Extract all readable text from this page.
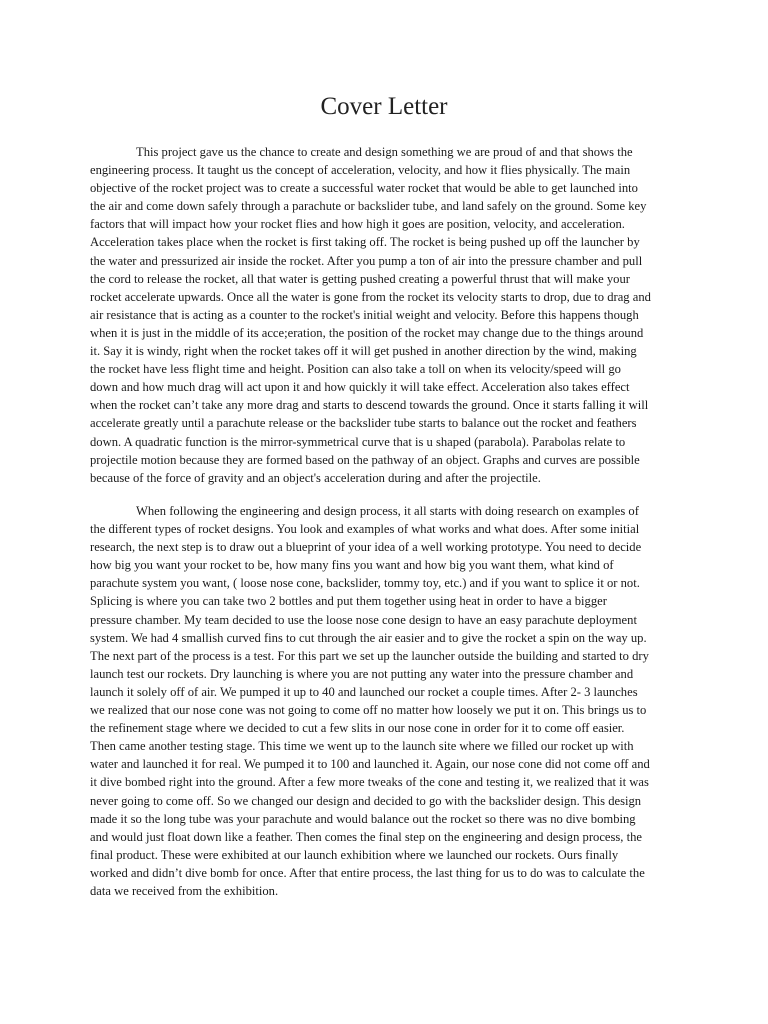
Cover Letter
This project gave us the chance to create and design something we are proud of and that shows the
engineering process. It taught us the concept of acceleration, velocity, and how it flies physically. The main
objective of the rocket project was to create a successful water rocket that would be able to get launched into
the air and come down safely through a parachute or backslider tube, and land safely on the ground. Some key
factors that will impact how your rocket flies and how high it goes are position, velocity, and acceleration.
Acceleration takes place when the rocket is first taking off. The rocket is being pushed up off the launcher by
the water and pressurized air inside the rocket. After you pump a ton of air into the pressure chamber and pull
the cord to release the rocket, all that water is getting pushed creating a powerful thrust that will make your
rocket accelerate upwards. Once all the water is gone from the rocket its velocity starts to drop, due to drag and
air resistance that is acting as a counter to the rocket's initial weight and velocity. Before this happens though
when it is just in the middle of its acce;eration, the position of the rocket may change due to the things around
it. Say it is windy, right when the rocket takes off it will get pushed in another direction by the wind, making
the rocket have less flight time and height. Position can also take a toll on when its velocity/speed will go
down and how much drag will act upon it and how quickly it will take effect. Acceleration also takes effect
when the rocket can’t take any more drag and starts to descend towards the ground. Once it starts falling it will
accelerate greatly until a parachute release or the backslider tube starts to balance out the rocket and feathers
down. A quadratic function is the mirror-symmetrical curve that is u shaped (parabola). Parabolas relate to
projectile motion because they are formed based on the pathway of an object. Graphs and curves are possible
because of the force of gravity and an object's acceleration during and after the projectile.
When following the engineering and design process, it all starts with doing research on examples of
the different types of rocket designs. You look and examples of what works and what does. After some initial
research, the next step is to draw out a blueprint of your idea of a well working prototype. You need to decide
how big you want your rocket to be, how many fins you want and how big you want them, what kind of
parachute system you want, ( loose nose cone, backslider, tommy toy, etc.) and if you want to splice it or not.
Splicing is where you can take two 2 bottles and put them together using heat in order to have a bigger
pressure chamber. My team decided to use the loose nose cone design to have an easy parachute deployment
system. We had 4 smallish curved fins to cut through the air easier and to give the rocket a spin on the way up.
The next part of the process is a test. For this part we set up the launcher outside the building and started to dry
launch test our rockets. Dry launching is where you are not putting any water into the pressure chamber and
launch it solely off of air. We pumped it up to 40 and launched our rocket a couple times. After 2- 3 launches
we realized that our nose cone was not going to come off no matter how loosely we put it on. This brings us to
the refinement stage where we decided to cut a few slits in our nose cone in order for it to come off easier.
Then came another testing stage. This time we went up to the launch site where we filled our rocket up with
water and launched it for real. We pumped it to 100 and launched it. Again, our nose cone did not come off and
it dive bombed right into the ground. After a few more tweaks of the cone and testing it, we realized that it was
never going to come off. So we changed our design and decided to go with the backslider design. This design
made it so the long tube was your parachute and would balance out the rocket so there was no dive bombing
and would just float down like a feather. Then comes the final step on the engineering and design process, the
final product. These were exhibited at our launch exhibition where we launched our rockets. Ours finally
worked and didn’t dive bomb for once. After that entire process, the last thing for us to do was to calculate the
data we received from the exhibition.
